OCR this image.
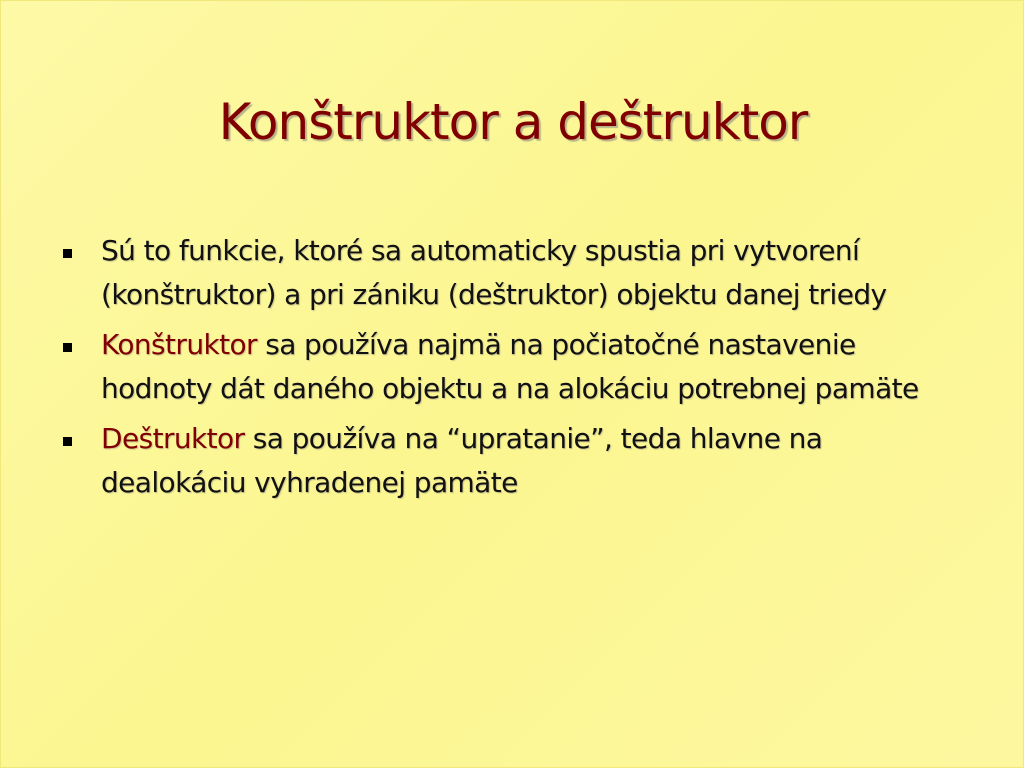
Konštruktor a deštruktor
Sú to funkcie, ktoré sa automaticky spustia pri vytvorení (konštruktor) a pri zániku (deštruktor) objektu danej triedy
Konštruktor sa používa najmä na počiatočné nastavenie hodnoty dát daného objektu a na alokáciu potrebnej pamäte
Deštruktor sa používa na “upratanie”, teda hlavne na dealokáciu vyhradenej pamäte
